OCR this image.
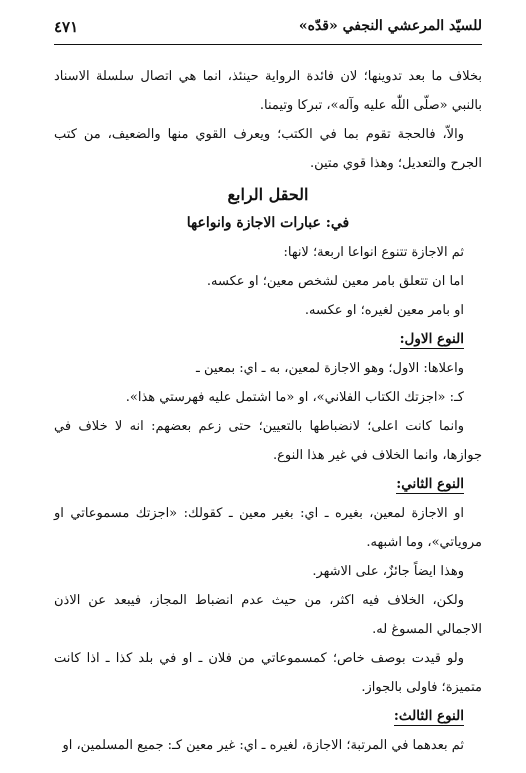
للسيّد المرعشي النجفي «قدّه»
٤٧١

بخلاف ما بعد تدوينها؛ لان فائدة الرواية حينئذ، انما هي اتصال سلسلة الاسناد بالنبي «صلّى اللّٰه عليه وآله»، تبركا وتيمنا.

والاّ، فالحجة تقوم بما في الكتب؛ ويعرف القوي منها والضعيف، من كتب الجرح والتعديل؛ وهذا قوي متين.

الحقل الرابع

في: عبارات الاجازة وانواعها

ثم الاجازة تتنوع انواعا اربعة؛ لانها:

اما ان تتعلق بامر معين لشخص معين؛ او عكسه.

او بامر معين لغيره؛ او عكسه.

النوع الاول:

واعلاها: الاول؛ وهو الاجازة لمعين، به ـ اي: بمعين ـ

كـ: «اجزتك الكتاب الفلاني»، او «ما اشتمل عليه فهرستي هذا».

وانما كانت اعلى؛ لانضباطها بالتعيين؛ حتى زعم بعضهم: انه لا خلاف في جوازها، وانما الخلاف في غير هذا النوع.

النوع الثاني:

او الاجازة لمعين، بغيره ـ اي: بغير معين ـ كقولك: «اجزتك مسموعاتي او مروياتي»، وما اشبهه.

وهذا ايضاً جائزٌ، على الاشهر.

ولكن، الخلاف فيه اكثر، من حيث عدم انضباط المجاز، فيبعد عن الاذن الاجمالي المسوغ له.

ولو قيدت بوصف خاص؛ كمسموعاتي من فلان ـ او في بلد كذا ـ اذا كانت متميزة؛ فاولى بالجواز.

النوع الثالث:

ثم بعدهما في المرتبة؛ الاجازة، لغيره ـ اي: غير معين كـ: جميع المسلمين، او
